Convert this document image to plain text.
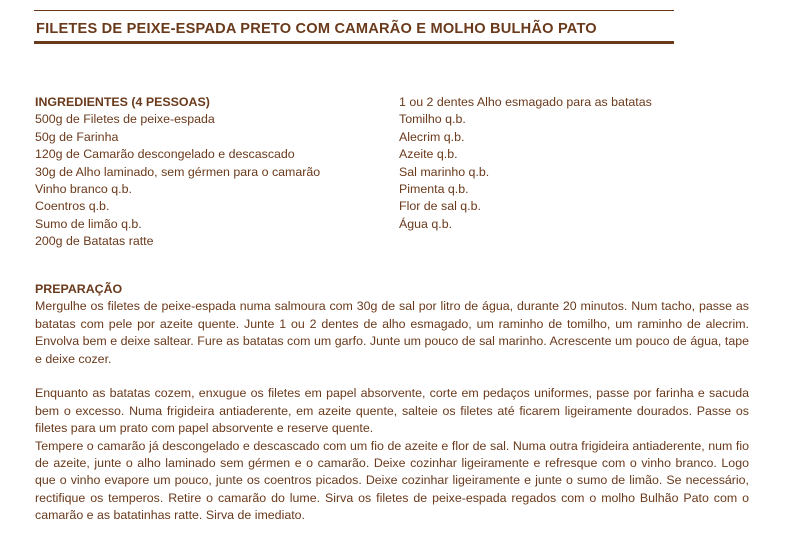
FILETES DE PEIXE-ESPADA PRETO COM CAMARÃO E MOLHO BULHÃO PATO
INGREDIENTES (4 PESSOAS)
500g de Filetes de peixe-espada
50g de Farinha
120g de Camarão descongelado e descascado
30g de Alho laminado, sem gérmen para o camarão
Vinho branco q.b.
Coentros q.b.
Sumo de limão q.b.
200g de Batatas ratte
1 ou 2 dentes Alho esmagado para as batatas
Tomilho q.b.
Alecrim q.b.
Azeite q.b.
Sal marinho q.b.
Pimenta q.b.
Flor de sal q.b.
Água q.b.
PREPARAÇÃO

Mergulhe os filetes de peixe-espada numa salmoura com 30g de sal por litro de água, durante 20 minutos. Num tacho, passe as batatas com pele por azeite quente. Junte 1 ou 2 dentes de alho esmagado, um raminho de tomilho, um raminho de alecrim. Envolva bem e deixe saltear. Fure as batatas com um garfo. Junte um pouco de sal marinho. Acrescente um pouco de água, tape e deixe cozer.

Enquanto as batatas cozem, enxugue os filetes em papel absorvente, corte em pedaços uniformes, passe por farinha e sacuda bem o excesso. Numa frigideira antiaderente, em azeite quente, salteie os filetes até ficarem ligeiramente dourados. Passe os filetes para um prato com papel absorvente e reserve quente.

Tempere o camarão já descongelado e descascado com um fio de azeite e flor de sal. Numa outra frigideira antiaderente, num fio de azeite, junte o alho laminado sem gérmen e o camarão. Deixe cozinhar ligeiramente e refresque com o vinho branco. Logo que o vinho evapore um pouco, junte os coentros picados. Deixe cozinhar ligeiramente e junte o sumo de limão. Se necessário, rectifique os temperos. Retire o camarão do lume. Sirva os filetes de peixe-espada regados com o molho Bulhão Pato com o camarão e as batatinhas ratte. Sirva de imediato.
